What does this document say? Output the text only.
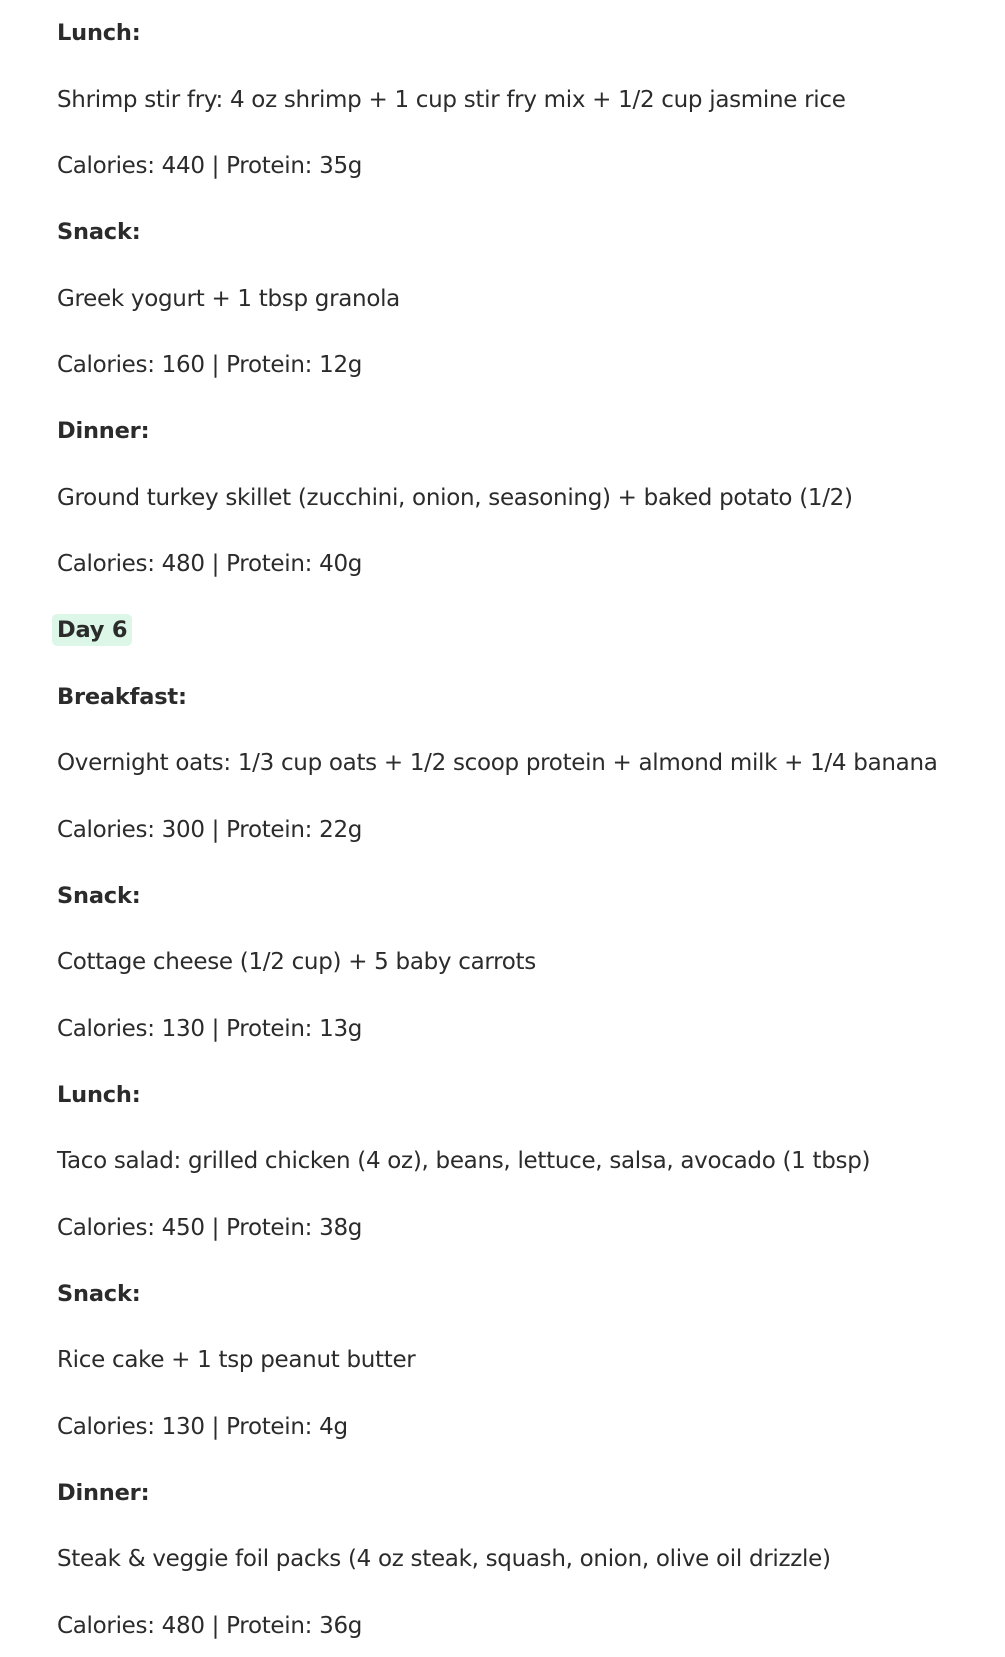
Lunch:
Shrimp stir fry: 4 oz shrimp + 1 cup stir fry mix + 1/2 cup jasmine rice
Calories: 440 | Protein: 35g
Snack:
Greek yogurt + 1 tbsp granola
Calories: 160 | Protein: 12g
Dinner:
Ground turkey skillet (zucchini, onion, seasoning) + baked potato (1/2)
Calories: 480 | Protein: 40g
Day 6
Breakfast:
Overnight oats: 1/3 cup oats + 1/2 scoop protein + almond milk + 1/4 banana
Calories: 300 | Protein: 22g
Snack:
Cottage cheese (1/2 cup) + 5 baby carrots
Calories: 130 | Protein: 13g
Lunch:
Taco salad: grilled chicken (4 oz), beans, lettuce, salsa, avocado (1 tbsp)
Calories: 450 | Protein: 38g
Snack:
Rice cake + 1 tsp peanut butter
Calories: 130 | Protein: 4g
Dinner:
Steak & veggie foil packs (4 oz steak, squash, onion, olive oil drizzle)
Calories: 480 | Protein: 36g
